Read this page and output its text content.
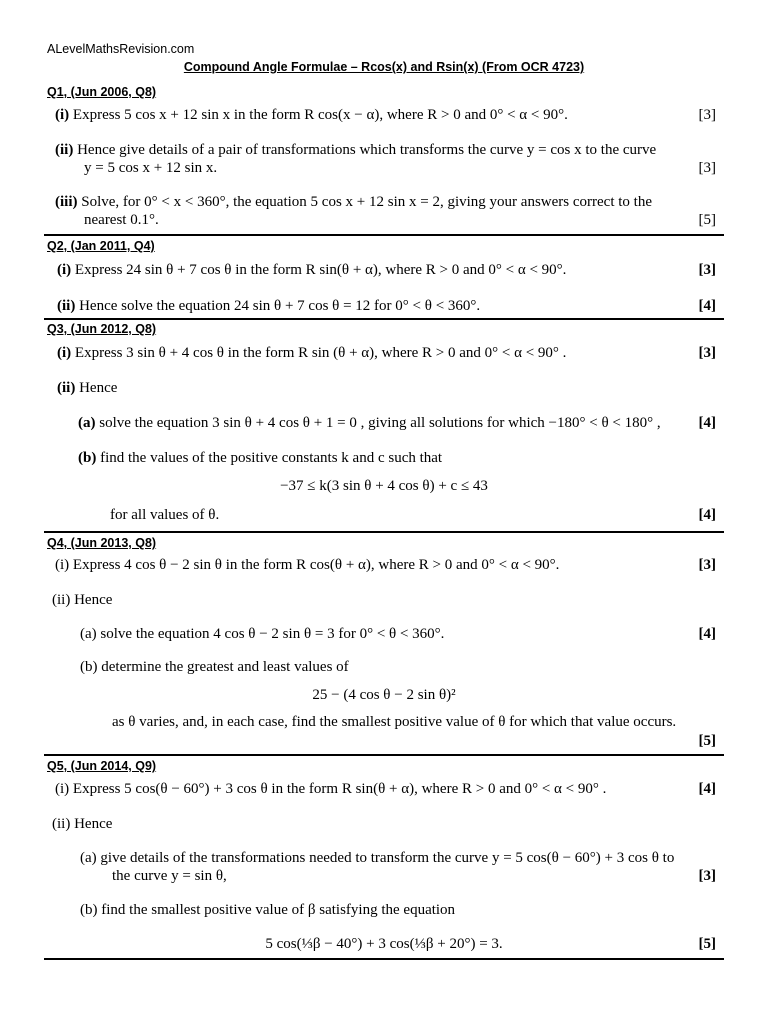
ALevelMathsRevision.com
Compound Angle Formulae – Rcos(x) and Rsin(x) (From OCR 4723)
Q1, (Jun 2006, Q8)
(i) Express 5 cos x + 12 sin x in the form R cos(x − α), where R > 0 and 0° < α < 90°.	[3]
(ii) Hence give details of a pair of transformations which transforms the curve y = cos x to the curve
y = 5 cos x + 12 sin x.	[3]
(iii) Solve, for 0° < x < 360°, the equation 5 cos x + 12 sin x = 2, giving your answers correct to the
nearest 0.1°.	[5]
Q2, (Jan 2011, Q4)
(i) Express 24 sin θ + 7 cos θ in the form R sin(θ + α), where R > 0 and 0° < α < 90°.	[3]
(ii) Hence solve the equation 24 sin θ + 7 cos θ = 12 for 0° < θ < 360°.	[4]
Q3, (Jun 2012, Q8)
(i) Express 3 sin θ + 4 cos θ in the form R sin (θ + α), where R > 0 and 0° < α < 90° .	[3]
(ii) Hence
(a) solve the equation 3 sin θ + 4 cos θ + 1 = 0 , giving all solutions for which −180° < θ < 180° ,	[4]
(b) find the values of the positive constants k and c such that
−37 ≤ k(3 sin θ + 4 cos θ) + c ≤ 43
for all values of θ.	[4]
Q4, (Jun 2013, Q8)
(i) Express 4 cos θ − 2 sin θ in the form R cos(θ + α), where R > 0 and 0° < α < 90°.	[3]
(ii) Hence
(a) solve the equation 4 cos θ − 2 sin θ = 3 for 0° < θ < 360°.	[4]
(b) determine the greatest and least values of
25 − (4 cos θ − 2 sin θ)²
as θ varies, and, in each case, find the smallest positive value of θ for which that value occurs.
[5]
Q5, (Jun 2014, Q9)
(i) Express 5 cos(θ − 60°) + 3 cos θ in the form R sin(θ + α), where R > 0 and 0° < α < 90° .	[4]
(ii) Hence
(a) give details of the transformations needed to transform the curve y = 5 cos(θ − 60°) + 3 cos θ to
the curve y = sin θ,	[3]
(b) find the smallest positive value of β satisfying the equation
5 cos(⅓β − 40°) + 3 cos(⅓β + 20°) = 3.	[5]
